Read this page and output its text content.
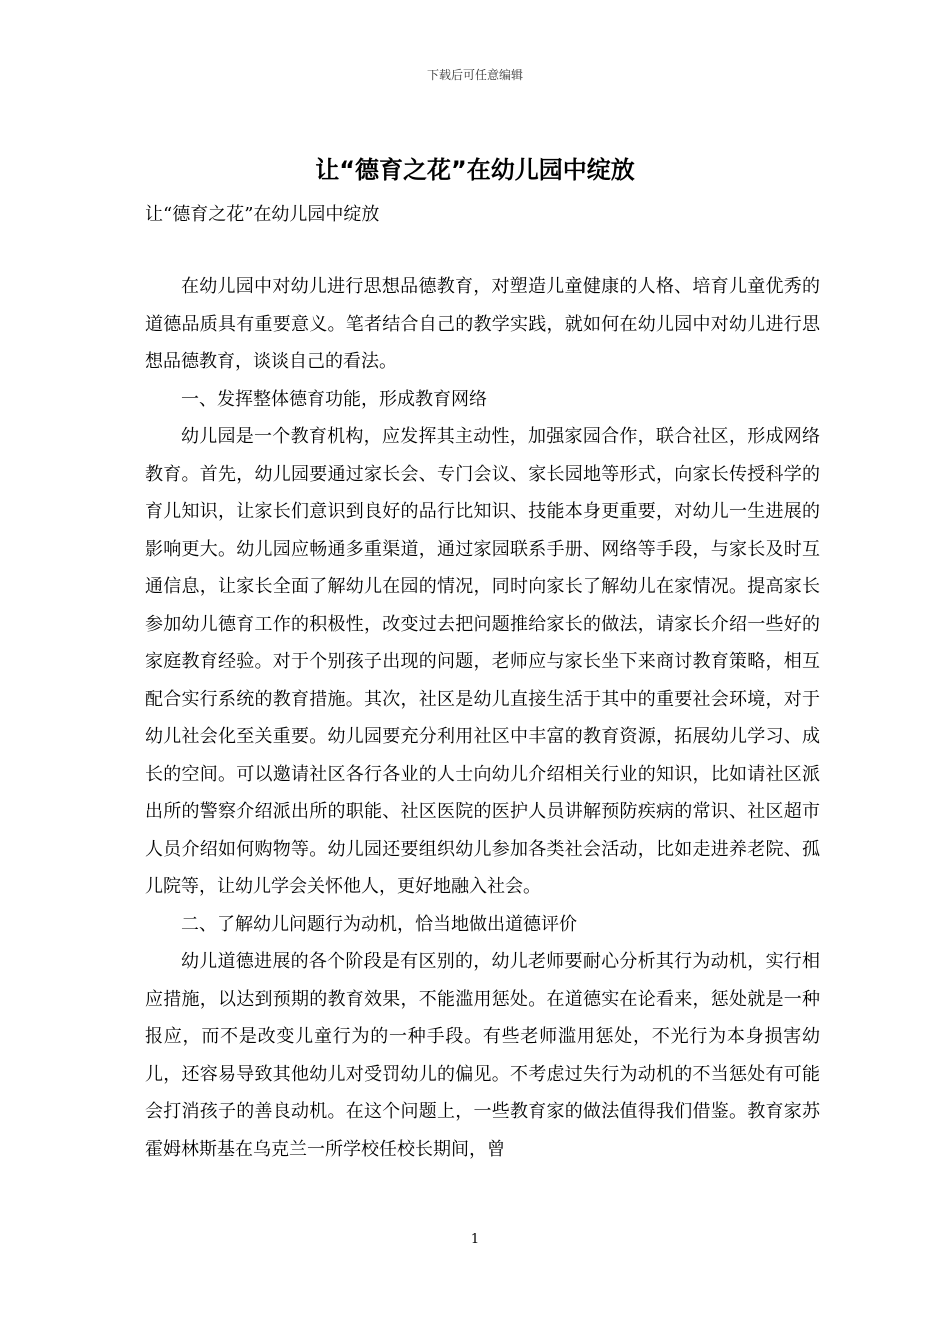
下载后可任意编辑
让“德育之花”在幼儿园中绽放

让“德育之花”在幼儿园中绽放

在幼儿园中对幼儿进行思想品德教育，对塑造儿童健康的人格、培育儿童优秀的道德品质具有重要意义。笔者结合自己的教学实践，就如何在幼儿园中对幼儿进行思想品德教育，谈谈自己的看法。

一、发挥整体德育功能，形成教育网络

幼儿园是一个教育机构，应发挥其主动性，加强家园合作，联合社区，形成网络教育。首先，幼儿园要通过家长会、专门会议、家长园地等形式，向家长传授科学的育儿知识，让家长们意识到良好的品行比知识、技能本身更重要，对幼儿一生进展的影响更大。幼儿园应畅通多重渠道，通过家园联系手册、网络等手段，与家长及时互通信息，让家长全面了解幼儿在园的情况，同时向家长了解幼儿在家情况。提高家长参加幼儿德育工作的积极性，改变过去把问题推给家长的做法，请家长介绍一些好的家庭教育经验。对于个别孩子出现的问题，老师应与家长坐下来商讨教育策略，相互配合实行系统的教育措施。其次，社区是幼儿直接生活于其中的重要社会环境，对于幼儿社会化至关重要。幼儿园要充分利用社区中丰富的教育资源，拓展幼儿学习、成长的空间。可以邀请社区各行各业的人士向幼儿介绍相关行业的知识，比如请社区派出所的警察介绍派出所的职能、社区医院的医护人员讲解预防疾病的常识、社区超市人员介绍如何购物等。幼儿园还要组织幼儿参加各类社会活动，比如走进养老院、孤儿院等，让幼儿学会关怀他人，更好地融入社会。

二、了解幼儿问题行为动机，恰当地做出道德评价

幼儿道德进展的各个阶段是有区别的，幼儿老师要耐心分析其行为动机，实行相应措施，以达到预期的教育效果，不能滥用惩处。在道德实在论看来，惩处就是一种报应，而不是改变儿童行为的一种手段。有些老师滥用惩处，不光行为本身损害幼儿，还容易导致其他幼儿对受罚幼儿的偏见。不考虑过失行为动机的不当惩处有可能会打消孩子的善良动机。在这个问题上，一些教育家的做法值得我们借鉴。教育家苏霍姆林斯基在乌克兰一所学校任校长期间，曾

1
